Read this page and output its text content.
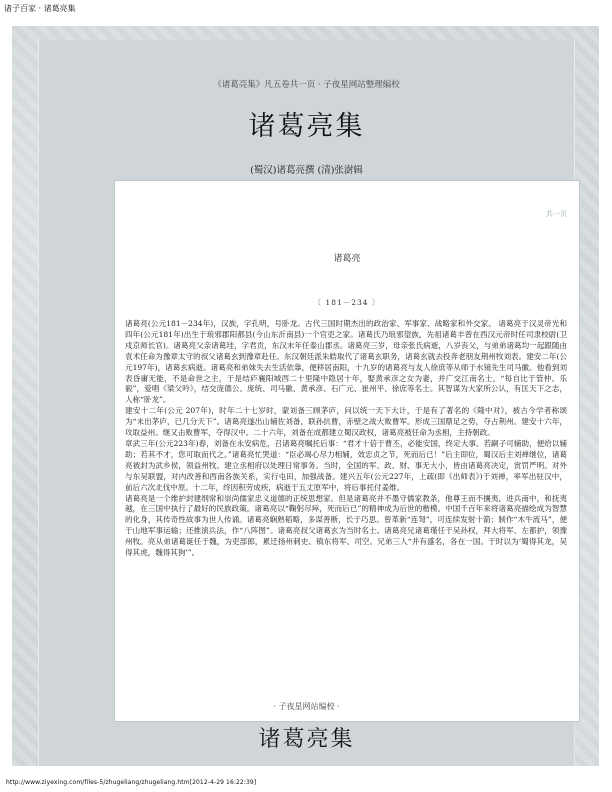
诸子百家 · 诸葛亮集
《诸葛亮集》凡五卷共一页 · 子夜星网站整理编校
诸葛亮集
(蜀汉)诸葛亮撰 (清)张澍辑
共一页
诸葛亮
〔 181－234 〕

诸葛亮(公元181－234年)，汉族，字孔明，号卧龙。古代三国时期杰出的政治家、军事家、战略家和外交家。 诸葛亮于汉灵帝光和四年(公元181年)出生于琅邪郡阳都县(今山东沂南县)一个官吏之家。诸葛氏乃琅邪望族，先祖诸葛丰曾在西汉元帝时任司隶校尉(卫戍京师长官)。诸葛亮父亲诸葛珪，字君贡，东汉末年任泰山郡丞。诸葛亮三岁，母亲张氏病逝，八岁丧父，与弟弟诸葛均一起跟随由袁术任命为豫章太守的叔父诸葛玄到豫章赴任。东汉朝廷派朱皓取代了诸葛玄职务，诸葛玄就去投奔老朋友荆州牧刘表。建安二年(公元197年)，诸葛玄病逝。诸葛亮和弟妹失去生活依靠，便移居南阳，十九岁的诸葛亮与友人徐庶等从师于水镜先生司马徽。他看到刘表昏庸无能，不是命世之主，于是结庐襄阳城西二十里隆中隐居十年，娶黄承彦之女为妻，并广交江南名士，“每自比于管仲、乐毅”，爱唱《梁父吟》，结交庞德公、庞统、司马徽、黄承彦、石广元、崔州平、徐庶等名士。其智谋为大家所公认，有匡天下之志，人称“卧龙”。

建安十二年(公元 207年)，时年二十七岁时，蒙刘备三顾茅庐，问以统一天下大计，于是有了著名的《隆中对》，被古今学者称颂为“未出茅庐，已几分天下”。诸葛亮遂出山辅佐刘备，联孙抗曹，赤壁之战大败曹军。形成三国鼎足之势，夺占荆州。建安十六年，攻取益州。继又击败曹军，夺得汉中。二十六年，刘备在成都建立蜀汉政权，诸葛亮被任命为丞相，主持朝政。

章武三年(公元223年)春，刘备在永安病危，召诸葛亮嘱托后事：“君才十倍于曹丕，必能安国，终定大事。若嗣子可辅助，便给以辅助；若其不才，您可取而代之。”诸葛亮忙哭道：“臣必竭心尽力相辅，效忠贞之节，死而后已！”后主即位，蜀汉后主刘禅继位，诸葛亮被封为武乡侯，领益州牧。建立丞相府以处理日常事务。当时，全国的军、政、财、事无大小，皆由诸葛亮决定，赏罚严明。对外与东吴联盟，对内改善和西南各族关系，实行屯田，加强战备。建兴五年(公元227年，上疏(即《出师表》)于刘禅，率军出驻汉中，前后六次北伐中原。十二年，终因积劳成疾，病逝于五丈原军中，将后事托付姜维。

诸葛亮是一个维护封建纲常和崇尚儒家忠义道德的正统思想家。但是诸葛亮并不墨守儒家教条，他尊王而不攘夷，进兵南中，和抚夷越，在三国中执行了最好的民族政策。诸葛亮以“鞠躬尽瘁，死而后已”的精神成为后世的楷模。中国千百年来将诸葛亮描绘成为智慧的化身，其传奇性故事为世人传诵。诸葛亮娴熟韬略，多谋善断，长于巧思。曾革新“连弩”，可连续发射十箭；制作“木牛流马”，便于山地军事运输；还推演兵法，作“八阵图”。诸葛亮叔父诸葛玄为当时名士。诸葛亮兄诸葛瑾任于吴孙权，拜大将军、左都护，领豫州牧。亮从弟诸葛诞任于魏，为吏部郎，累迁扬州刺史、镇东将军、司空。兄弟三人“并有盛名，各在一国。于时以为‘蜀得其龙，吴得其虎，魏得其狗’”。

· 子夜星网站编校 ·
诸葛亮集
http://www.ziyexing.com/files-5/zhugeliang/zhugeliang.htm[2012-4-29 16:22:39]
